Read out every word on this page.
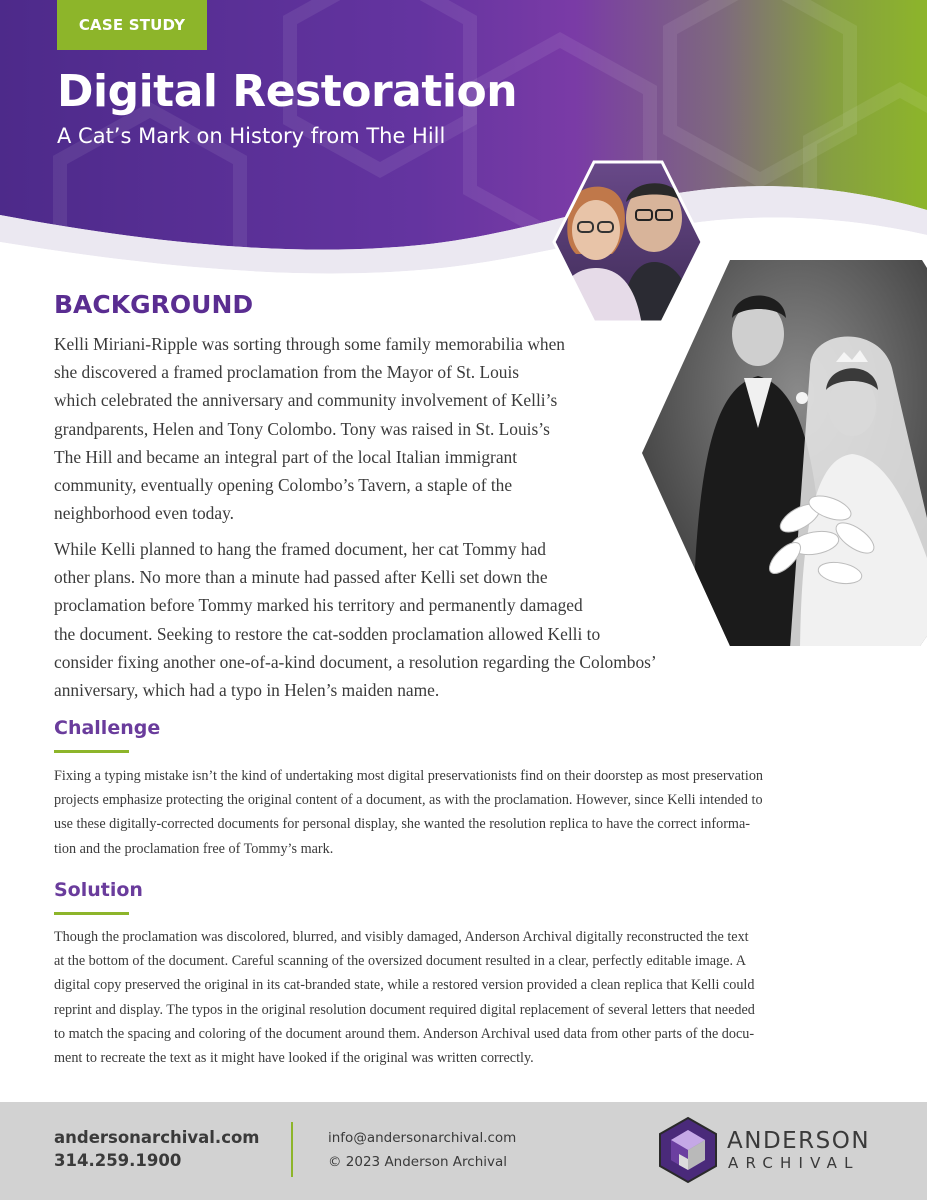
CASE STUDY
Digital Restoration
A Cat’s Mark on History from The Hill
BACKGROUND

Kelli Miriani-Ripple was sorting through some family memorabilia when
she discovered a framed proclamation from the Mayor of St. Louis
which celebrated the anniversary and community involvement of Kelli’s
grandparents, Helen and Tony Colombo. Tony was raised in St. Louis’s
The Hill and became an integral part of the local Italian immigrant
community, eventually opening Colombo’s Tavern, a staple of the
neighborhood even today.

While Kelli planned to hang the framed document, her cat Tommy had
other plans. No more than a minute had passed after Kelli set down the
proclamation before Tommy marked his territory and permanently damaged
the document. Seeking to restore the cat-sodden proclamation allowed Kelli to
consider fixing another one-of-a-kind document, a resolution regarding the Colombos’
anniversary, which had a typo in Helen’s maiden name.

Challenge

Fixing a typing mistake isn’t the kind of undertaking most digital preservationists find on their doorstep as most preservation
projects emphasize protecting the original content of a document, as with the proclamation. However, since Kelli intended to
use these digitally-corrected documents for personal display, she wanted the resolution replica to have the correct informa-
tion and the proclamation free of Tommy’s mark.

Solution

Though the proclamation was discolored, blurred, and visibly damaged, Anderson Archival digitally reconstructed the text
at the bottom of the document. Careful scanning of the oversized document resulted in a clear, perfectly editable image. A
digital copy preserved the original in its cat-branded state, while a restored version provided a clean replica that Kelli could
reprint and display. The typos in the original resolution document required digital replacement of several letters that needed
to match the spacing and coloring of the document around them. Anderson Archival used data from other parts of the docu-
ment to recreate the text as it might have looked if the original was written correctly.

andersonarchival.com
314.259.1900
info@andersonarchival.com
© 2023 Anderson Archival
ANDERSON
ARCHIVAL
